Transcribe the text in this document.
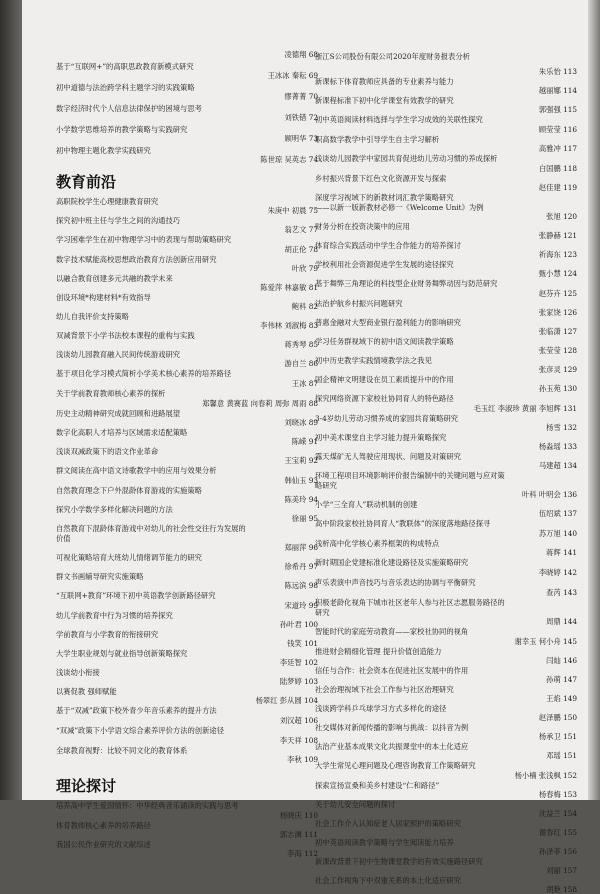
凌德翔 68
基于“互联网+”的高职思政教育新模式研究
王冰冰 秦耘 69
初中道德与法治跨学科主题学习的实践策略
缪菁菁 70
数字经济时代个人信息法律保护的困境与思考
刘铁错 72
小学数学思维培养的教学策略与实践研究
顾明华 73
初中物理主题化教学实践研究
陈世琼 吴英志 74
教育前沿
高职院校学生心理健康教育研究
朱庚中 初晨 75
探究初中班主任与学生之间的沟通技巧
翁艺文 77
学习困难学生在初中物理学习中的表现与帮助策略研究
胡正伦 78
数字技术赋能高校思想政治教育方法创新应用研究
叶欣 79
以融合教育创建多元共融的教学未来
陈爱萍 林嘉敏 81
创设环境*构建材料*有效指导
鲍科 82
幼儿自我评价支持策略
李伟林 刘淑梅 83
双减背景下小学书法校本课程的重构与实践
蒋秀琴 85
浅谈幼儿园教育融入民间传统游戏研究
游自兰 86
基于项目化学习模式简析小学美术核心素养的培养路径
王冰 87
关于学前教育教师核心素养的探析
郑馨意 黄赛蓝 向春莉 周弥 周雨 88
历史主动精神研究成就回顾和进路展望
刘晓冰 89
数字化高职人才培养与区域需求适配策略
陈嵘 91
浅谈双减政策下的语文作业革命
王宝莉 92
群文阅读在高中语文诗歌教学中的应用与效果分析
韩仙玉 93
自然教育理念下户外混龄体育游戏的实施策略
陈美玲 94
探究小学数学多样化解决问题的方法
徐丽 95
自然教育下混龄体育游戏中对幼儿的社会性交往行为发展的
价值
郑丽萍 96
可视化策略培育大班幼儿情绪调节能力的研究
徐希丹 97
群文书画辅导研究实施策略
陈远滨 98
“互联网+教育”环境下初中英语教学创新路径研究
宋道玲 99
幼儿学前教育中行为习惯的培养探究
孙叶君 100
学前教育与小学教育的衔接研究
钱笑 101
大学生职业规划与就业指导创新策略探究
李廷智 102
浅谈幼小衔接
陆梦婷 103
以赛促教 强师赋能
杨翠红 彭从圆 104
基于“双减”政策下校外青少年音乐素养的提升方法
刘汉超 106
“双减”政策下小学语文综合素养评价方法的创新途径
李天祥 108
全球教育视野：比较不同文化的教育体系
李秋 109
理论探讨
培养高中学生爱国情怀：中华经典音乐诵读的实践与思考
杨晓庆 110
体育教师核心素养的培养路径
郭志渊 111
我国公民作业研究的文献综述
李海 112
浙江S公司股份有限公司2020年度财务报表分析
朱乐怡 113
新课标下体育教师应具备的专业素养与能力
越丽娜 114
新课程标准下初中化学课堂有效教学的研究
郭强强 115
初中英语阅读材料选择与学生学习成效的关联性探究
顾莹莹 116
职高数学教学中引导学生自主学习解析
高雅冲 117
浅谈幼儿园教学中家园共育促进幼儿劳动习惯的养成探析
白国鹏 118
乡村振兴背景下红色文化资源开发与探索
赵佳建 119
深度学习视域下的新教材词汇教学策略研究
——以新一版新教材必修一《Welcome Unit》为例
张旭 120
财务分析在投资决策中的应用
张静赫 121
体育综合实践活动中学生合作能力的培养探讨
祈海东 123
学校利用社会资源促进学生发展的途径探究
甄小慧 124
基于舞弊三角理论的科技型企业财务舞弊动因与防范研究
赵芬卉 125
法治护航乡村振兴问题研究
张家饶 126
普惠金融对大型商业银行盈利能力的影响研究
张临潇 127
学习任务群视域下的初中语文阅读教学策略
张莹莹 128
初中历史教学实践情境教学法之我见
张彦灵 129
国企精神文明建设在员工素质提升中的作用
孙玉苑 130
探究网络资源下家校社协同育人的特色路径
毛玉红 李淑珍 黄丽 李旭辉 131
3-4岁幼儿劳动习惯养成的家园共育策略研究
杨雪 132
初中美术课堂自主学习能力提升策略探究
杨淼瑶 133
露天煤矿无人驾驶应用现状、问题及对策研究
马建超 134
环境工程项目环境影响评价报告编制中的关键问题与应对策
略研究
叶科 叶明会 136
小学“三全育人”联动机制的创建
伍绍斌 137
高中阶段家校社协同育人“教联体”的深度落地路径探寻
苏万旭 140
浅析高中化学核心素养框架的构成特点
蒋辉 141
新时期国企党建标准化建设路径及实施策略研究
李晓婷 142
声乐表演中声音技巧与音乐表达的协调与平衡研究
查芮 143
积极老龄化视角下城市社区老年人参与社区志愿服务路径的
研究
周鼎 144
智能时代的家庭劳动教育——家校社协同的视角
谢幸玉 何小舟 145
推进财会精细化管理 提升价值创造能力
闫灿 146
信任与合作：社会资本在促进社区发展中的作用
孙萌 147
社会治理视域下社会工作参与社区治理研究
王焰 149
浅谈跨学科乒乓球学习方式多样化的途径
赵泽鹏 150
社交媒体对新闻传播的影响与挑战：以抖音为例
杨承卫 151
法治产业基本成果文化共振课堂中的本土化适应
邓瑶 151
大学生常见心理问题及心理咨询教育工作策略研究
杨小楠 张浅枫 152
探索宣扬宣桑和美乡村建设“仁和路径”
杨春梅 153
关于幼儿安全问题的探讨
沈益兰 154
社会工作介入认知症老人居家照护的策略研究
谢春红 155
初中英语阅读教学策略与学生阅读能力培养
孙泽菲 156
新课改背景下初中生物课堂教学的有效实施路径研究
刘丽 157
社会工作视角下中双重关系的本土化适应研究
胡艳 158
